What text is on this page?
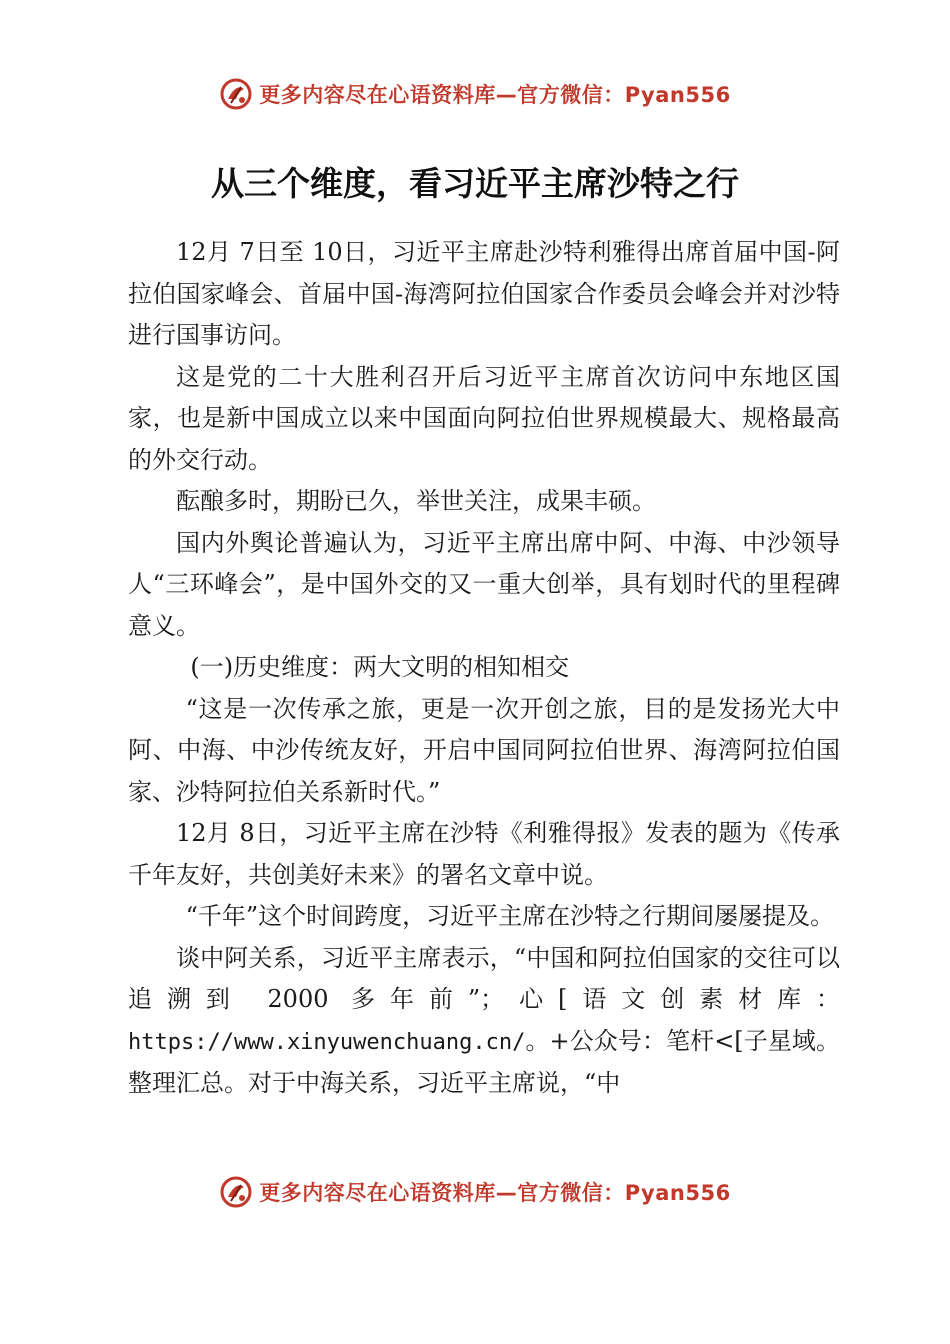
更多内容尽在心语资料库—官方微信：Pyan556
从三个维度，看习近平主席沙特之行

12月 7日至 10日，习近平主席赴沙特利雅得出席首届中国-阿拉伯国家峰会、首届中国-海湾阿拉伯国家合作委员会峰会并对沙特进行国事访问。

这是党的二十大胜利召开后习近平主席首次访问中东地区国家，也是新中国成立以来中国面向阿拉伯世界规模最大、规格最高的外交行动。

酝酿多时，期盼已久，举世关注，成果丰硕。

国内外舆论普遍认为，习近平主席出席中阿、中海、中沙领导人“三环峰会”，是中国外交的又一重大创举，具有划时代的里程碑意义。

(一)历史维度：两大文明的相知相交

“这是一次传承之旅，更是一次开创之旅，目的是发扬光大中阿、中海、中沙传统友好，开启中国同阿拉伯世界、海湾阿拉伯国家、沙特阿拉伯关系新时代。”

12月 8日，习近平主席在沙特《利雅得报》发表的题为《传承千年友好，共创美好未来》的署名文章中说。

“千年”这个时间跨度，习近平主席在沙特之行期间屡屡提及。

谈中阿关系，习近平主席表示，“中国和阿拉伯国家的交往可以追溯到 2000 多年前”；心[语文创素材库：https://www.xinyuwenchuang.cn/。+公众号：笔杆<[子星域。整理汇总。对于中海关系，习近平主席说，“中

更多内容尽在心语资料库—官方微信：Pyan556
